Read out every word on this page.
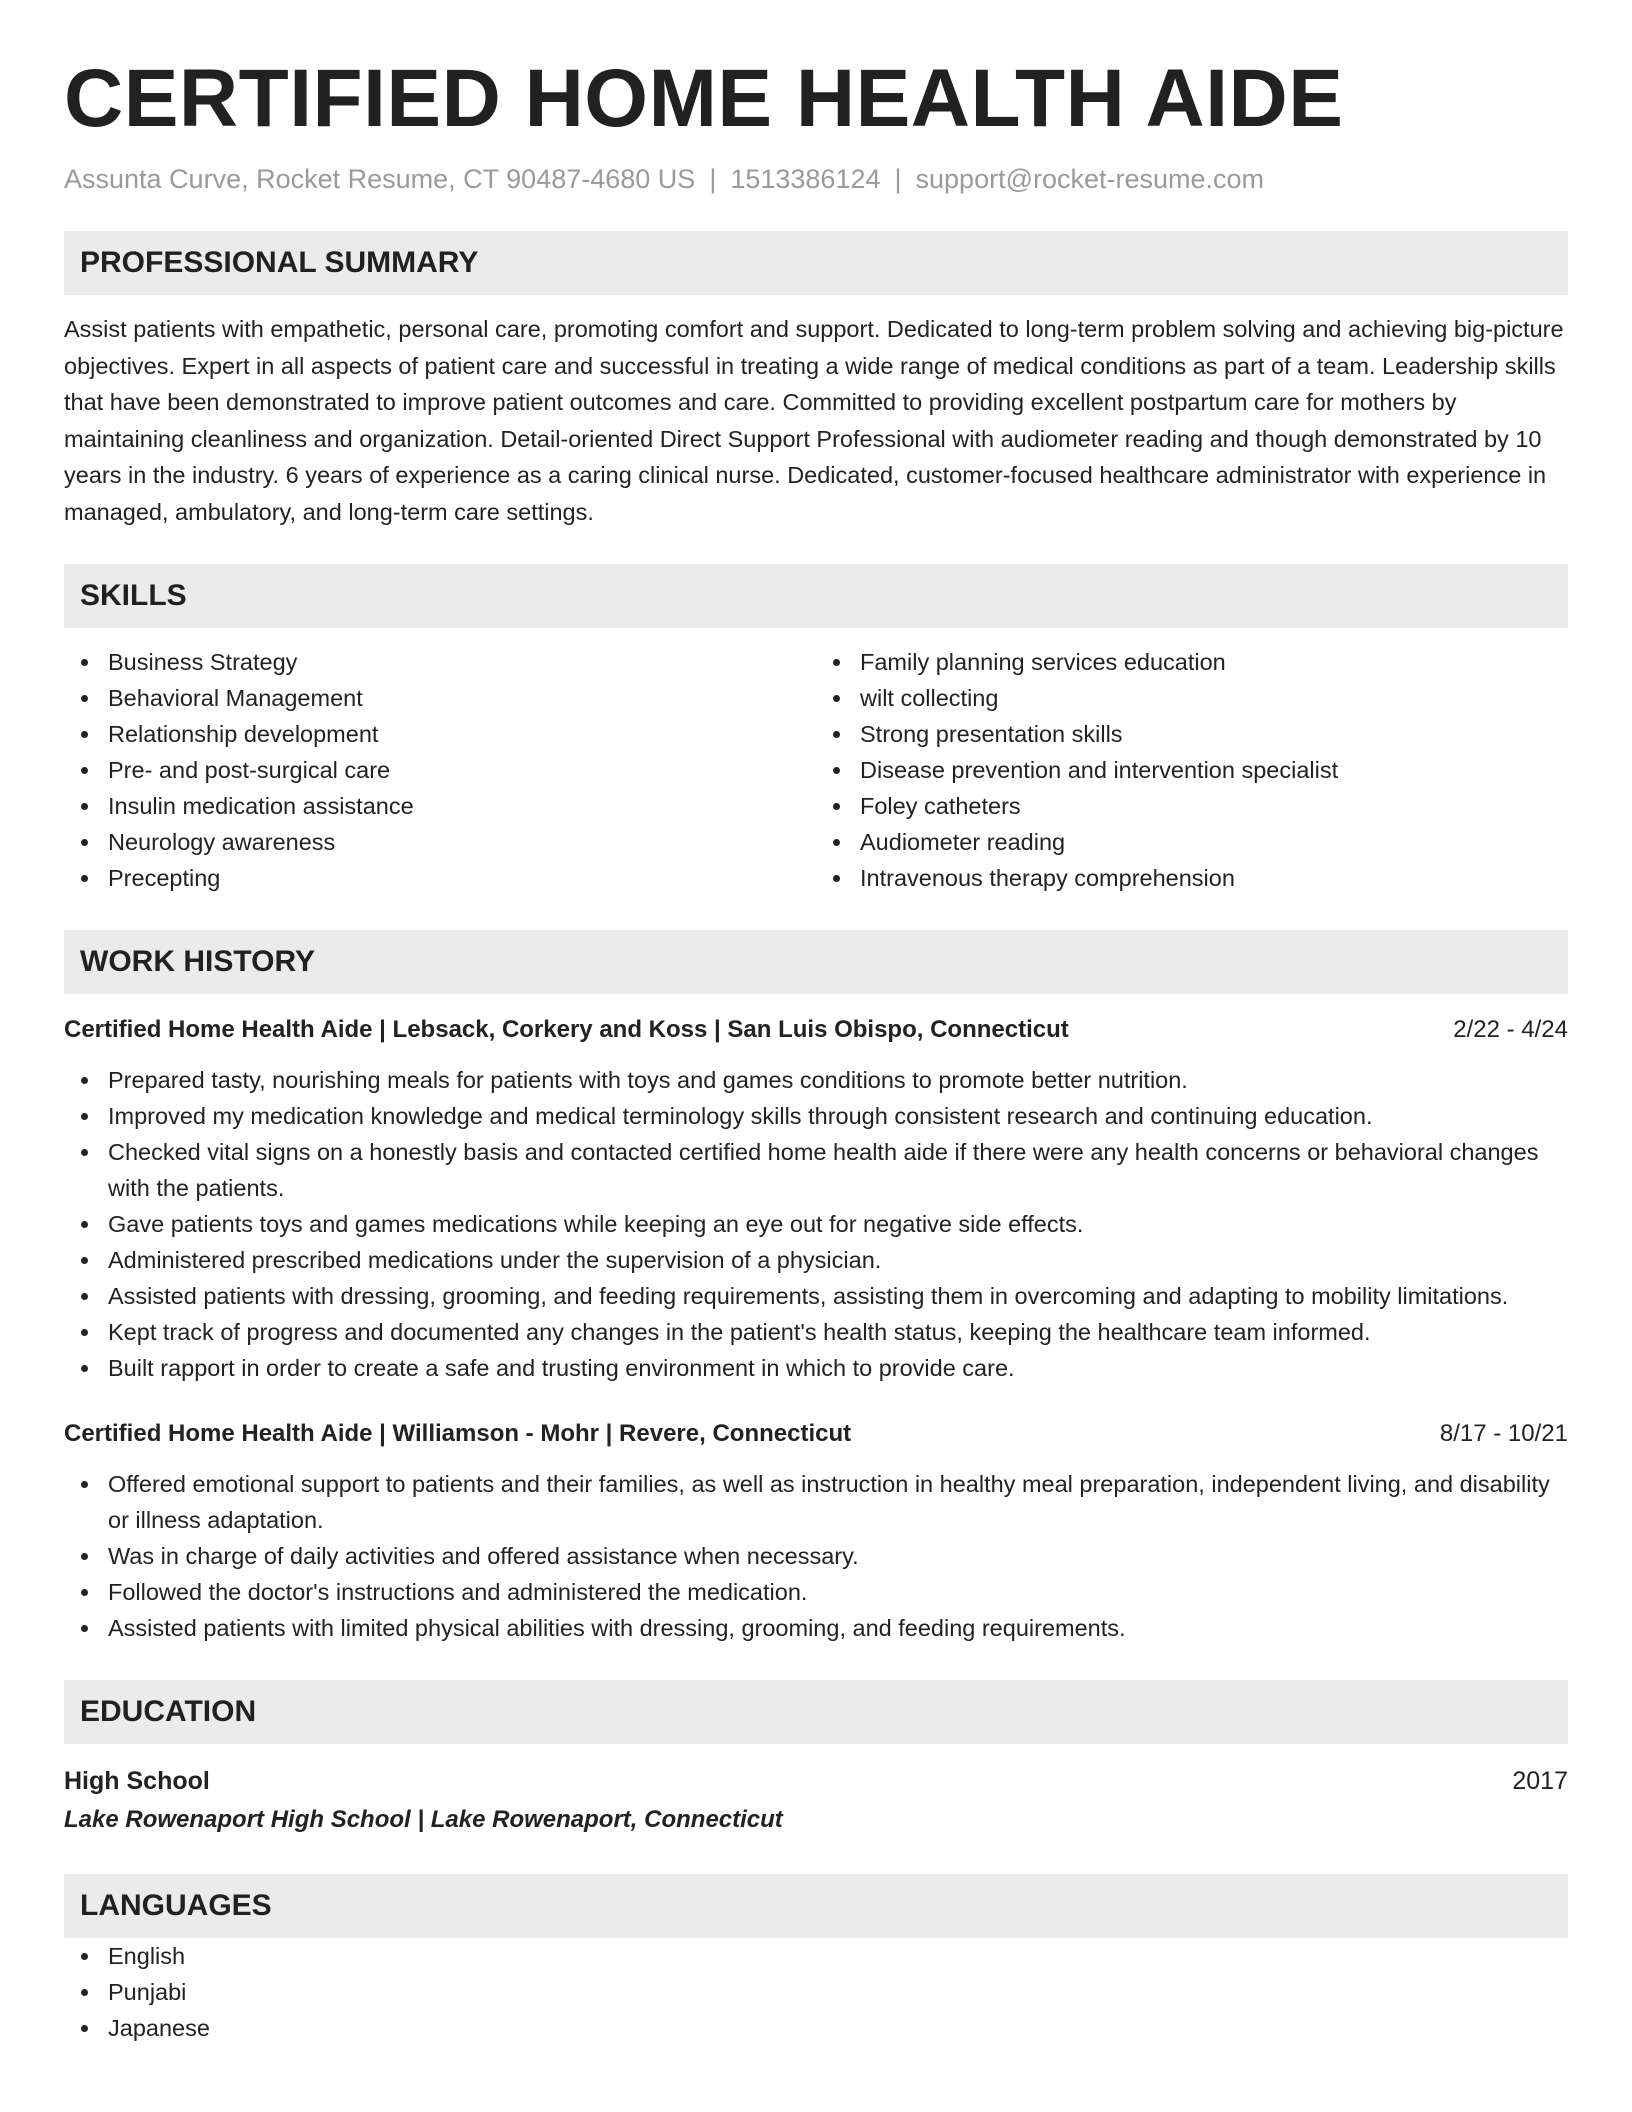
CERTIFIED HOME HEALTH AIDE
Assunta Curve, Rocket Resume, CT 90487-4680 US | 1513386124 | support@rocket-resume.com
PROFESSIONAL SUMMARY
Assist patients with empathetic, personal care, promoting comfort and support. Dedicated to long-term problem solving and achieving big-picture objectives. Expert in all aspects of patient care and successful in treating a wide range of medical conditions as part of a team. Leadership skills that have been demonstrated to improve patient outcomes and care. Committed to providing excellent postpartum care for mothers by maintaining cleanliness and organization. Detail-oriented Direct Support Professional with audiometer reading and though demonstrated by 10 years in the industry. 6 years of experience as a caring clinical nurse. Dedicated, customer-focused healthcare administrator with experience in managed, ambulatory, and long-term care settings.
SKILLS
Business Strategy
Behavioral Management
Relationship development
Pre- and post-surgical care
Insulin medication assistance
Neurology awareness
Precepting
Family planning services education
wilt collecting
Strong presentation skills
Disease prevention and intervention specialist
Foley catheters
Audiometer reading
Intravenous therapy comprehension
WORK HISTORY
Certified Home Health Aide | Lebsack, Corkery and Koss | San Luis Obispo, Connecticut	2/22 - 4/24
Prepared tasty, nourishing meals for patients with toys and games conditions to promote better nutrition.
Improved my medication knowledge and medical terminology skills through consistent research and continuing education.
Checked vital signs on a honestly basis and contacted certified home health aide if there were any health concerns or behavioral changes with the patients.
Gave patients toys and games medications while keeping an eye out for negative side effects.
Administered prescribed medications under the supervision of a physician.
Assisted patients with dressing, grooming, and feeding requirements, assisting them in overcoming and adapting to mobility limitations.
Kept track of progress and documented any changes in the patient's health status, keeping the healthcare team informed.
Built rapport in order to create a safe and trusting environment in which to provide care.
Certified Home Health Aide | Williamson - Mohr | Revere, Connecticut	8/17 - 10/21
Offered emotional support to patients and their families, as well as instruction in healthy meal preparation, independent living, and disability or illness adaptation.
Was in charge of daily activities and offered assistance when necessary.
Followed the doctor's instructions and administered the medication.
Assisted patients with limited physical abilities with dressing, grooming, and feeding requirements.
EDUCATION
High School	2017
Lake Rowenaport High School | Lake Rowenaport, Connecticut
LANGUAGES
English
Punjabi
Japanese
